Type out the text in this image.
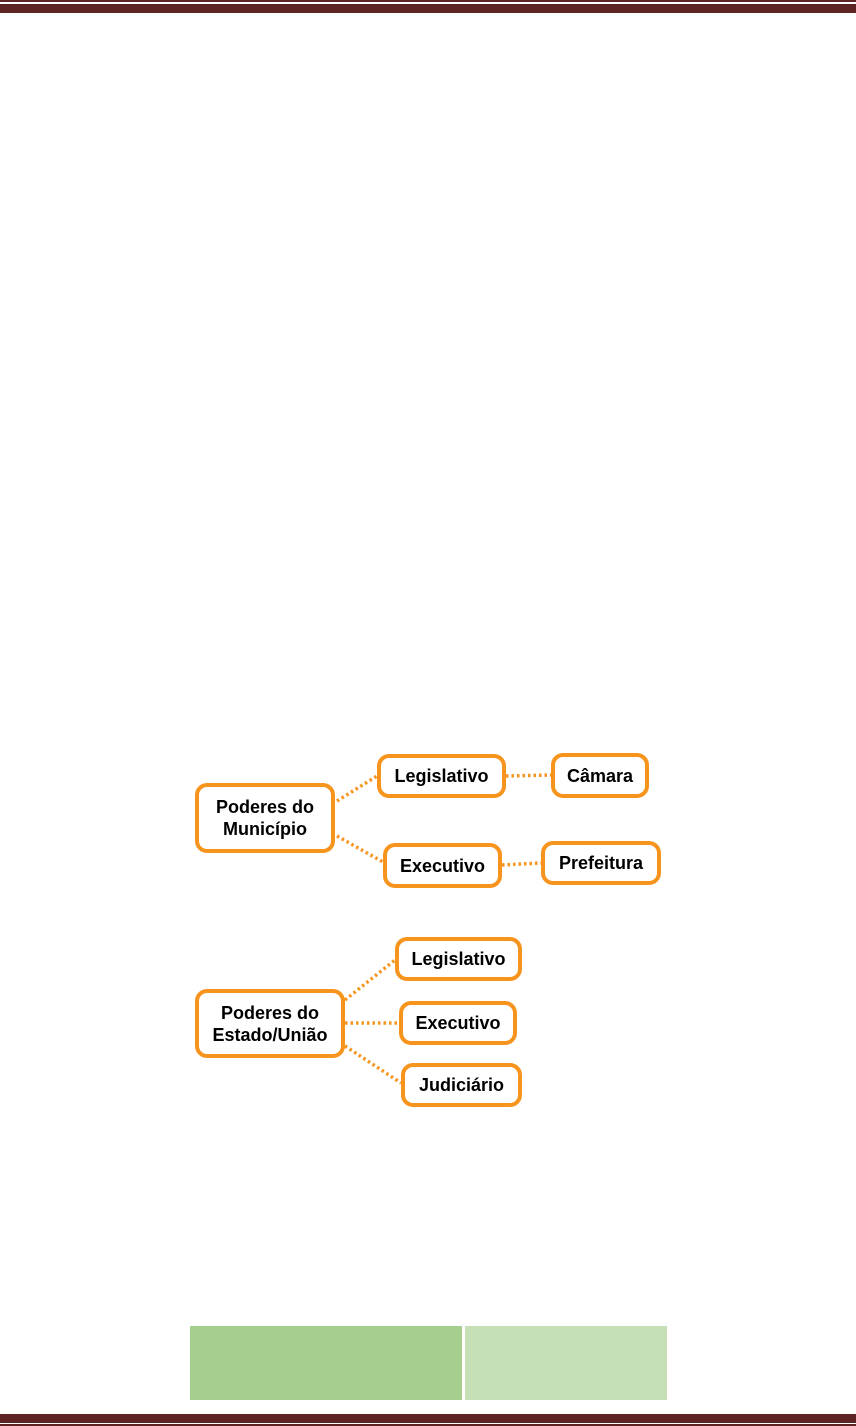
Poderes do
Município
Legislativo	Câmara
Executivo	Prefeitura
Poderes do
Estado/União
Legislativo
Executivo
Judiciário
